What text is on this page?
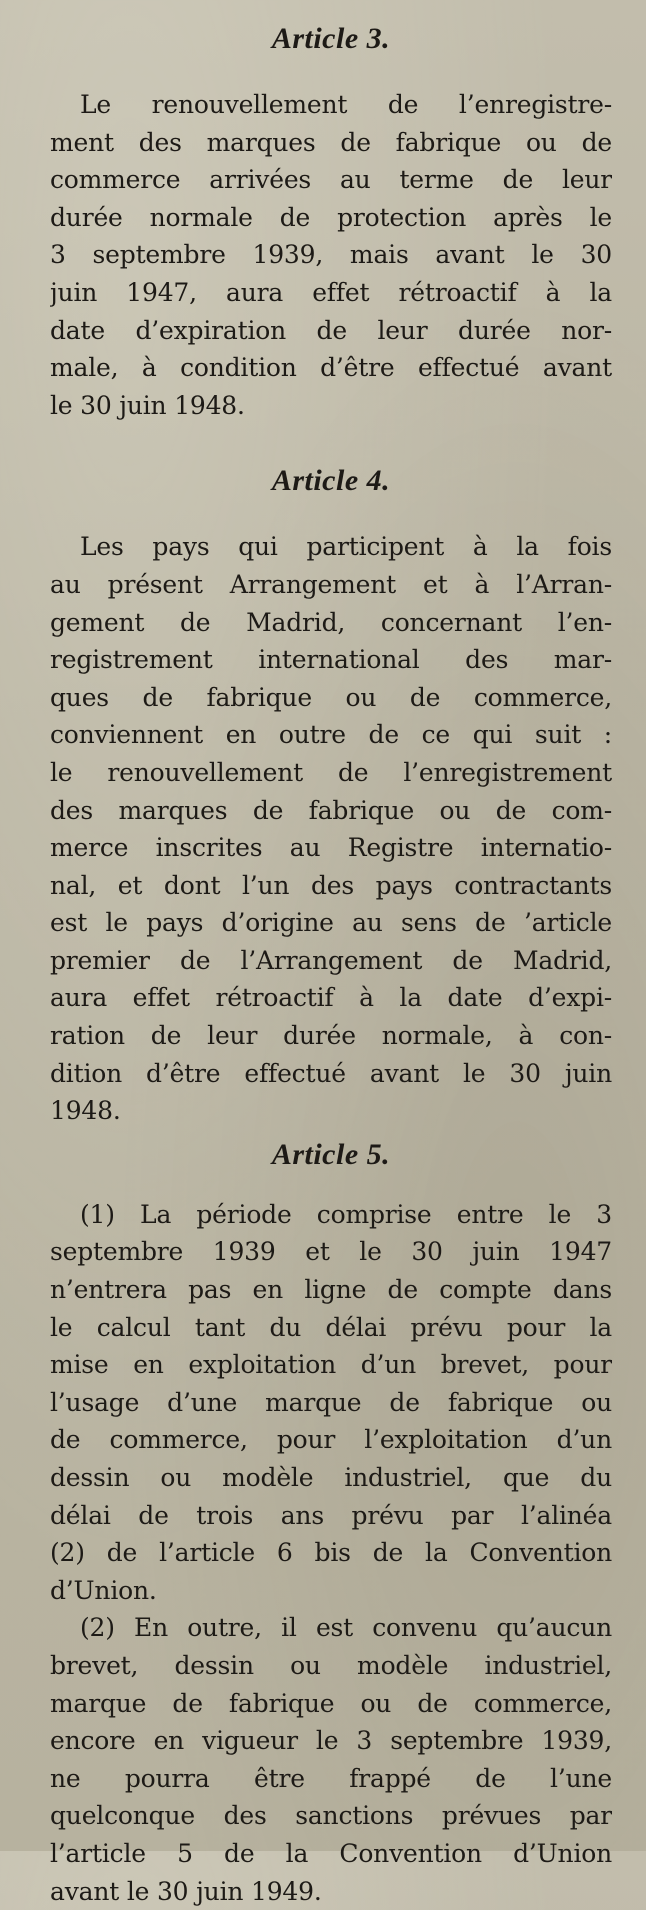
Article 3.

Le renouvellement de l’enregistre-
ment des marques de fabrique ou de
commerce arrivées au terme de leur
durée normale de protection après le
3 septembre 1939, mais avant le 30
juin 1947, aura effet rétroactif à la
date d’expiration de leur durée nor-
male, à condition d’être effectué avant
le 30 juin 1948.

Article 4.

Les pays qui participent à la fois
au présent Arrangement et à l’Arran-
gement de Madrid, concernant l’en-
registrement international des mar-
ques de fabrique ou de commerce,
conviennent en outre de ce qui suit :
le renouvellement de l’enregistrement
des marques de fabrique ou de com-
merce inscrites au Registre internatio-
nal, et dont l’un des pays contractants
est le pays d’origine au sens de ’article
premier de l’Arrangement de Madrid,
aura effet rétroactif à la date d’expi-
ration de leur durée normale, à con-
dition d’être effectué avant le 30 juin
1948.

Article 5.

(1) La période comprise entre le 3
septembre 1939 et le 30 juin 1947
n’entrera pas en ligne de compte dans
le calcul tant du délai prévu pour la
mise en exploitation d’un brevet, pour
l’usage d’une marque de fabrique ou
de commerce, pour l’exploitation d’un
dessin ou modèle industriel, que du
délai de trois ans prévu par l’alinéa
(2) de l’article 6 bis de la Convention
d’Union.

(2) En outre, il est convenu qu’aucun
brevet, dessin ou modèle industriel,
marque de fabrique ou de commerce,
encore en vigueur le 3 septembre 1939,
ne pourra être frappé de l’une
quelconque des sanctions prévues par
l’article 5 de la Convention d’Union
avant le 30 juin 1949.
